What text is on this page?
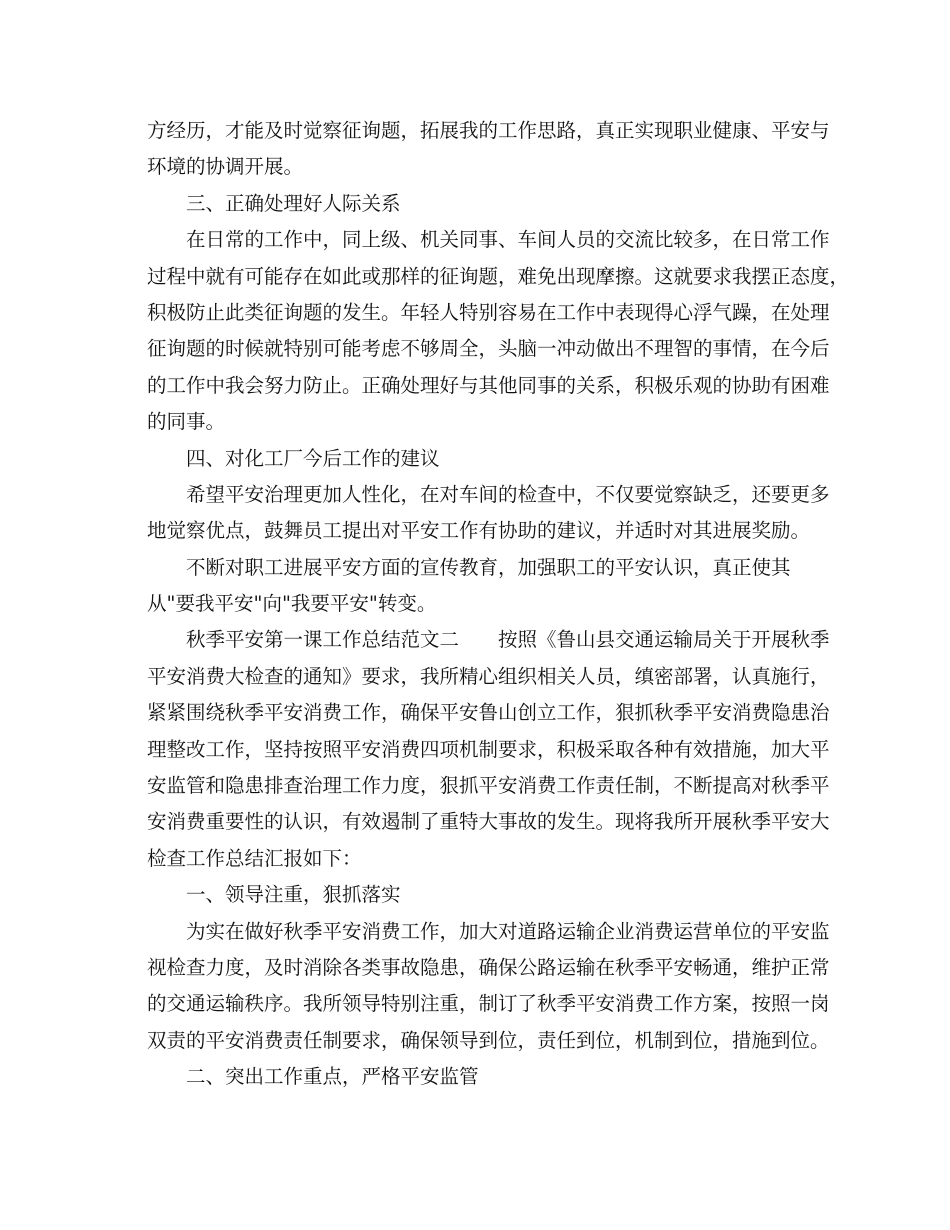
方经历，才能及时觉察征询题，拓展我的工作思路，真正实现职业健康、平安与
环境的协调开展。
三、正确处理好人际关系
在日常的工作中，同上级、机关同事、车间人员的交流比较多，在日常工作
过程中就有可能存在如此或那样的征询题，难免出现摩擦。这就要求我摆正态度，
积极防止此类征询题的发生。年轻人特别容易在工作中表现得心浮气躁，在处理
征询题的时候就特别可能考虑不够周全，头脑一冲动做出不理智的事情，在今后
的工作中我会努力防止。正确处理好与其他同事的关系，积极乐观的协助有困难
的同事。
四、对化工厂今后工作的建议
希望平安治理更加人性化，在对车间的检查中，不仅要觉察缺乏，还要更多
地觉察优点，鼓舞员工提出对平安工作有协助的建议，并适时对其进展奖励。
不断对职工进展平安方面的宣传教育，加强职工的平安认识，真正使其
从"要我平安"向"我要平安"转变。
秋季平安第一课工作总结范文二　　按照《鲁山县交通运输局关于开展秋季
平安消费大检查的通知》要求，我所精心组织相关人员，缜密部署，认真施行，
紧紧围绕秋季平安消费工作，确保平安鲁山创立工作，狠抓秋季平安消费隐患治
理整改工作，坚持按照平安消费四项机制要求，积极采取各种有效措施，加大平
安监管和隐患排查治理工作力度，狠抓平安消费工作责任制，不断提高对秋季平
安消费重要性的认识，有效遏制了重特大事故的发生。现将我所开展秋季平安大
检查工作总结汇报如下：
一、领导注重，狠抓落实
为实在做好秋季平安消费工作，加大对道路运输企业消费运营单位的平安监
视检查力度，及时消除各类事故隐患，确保公路运输在秋季平安畅通，维护正常
的交通运输秩序。我所领导特别注重，制订了秋季平安消费工作方案，按照一岗
双责的平安消费责任制要求，确保领导到位，责任到位，机制到位，措施到位。
二、突出工作重点，严格平安监管
